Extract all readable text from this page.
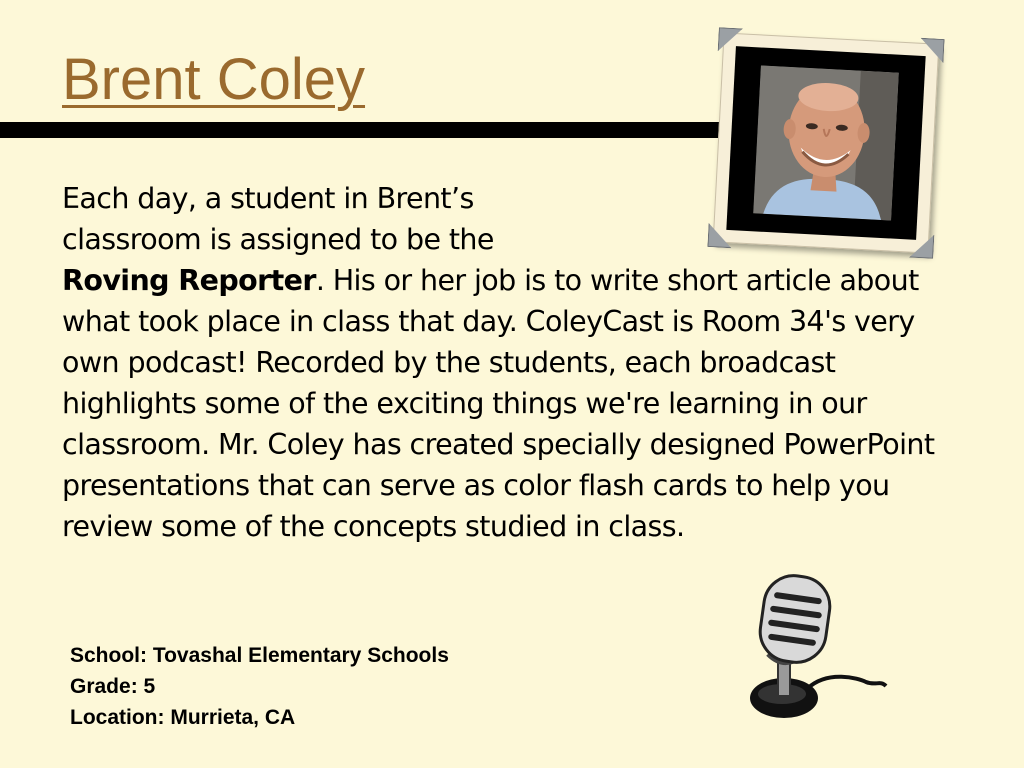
Brent Coley
Each day, a student in Brent’s
classroom is assigned to be the
Roving Reporter. His or her job is to write short article about what took place in class that day. ColeyCast is Room 34's very own podcast! Recorded by the students, each broadcast highlights some of the exciting things we're learning in our classroom. Mr. Coley has created specially designed PowerPoint presentations that can serve as color flash cards to help you review some of the concepts studied in class.
School: Tovashal Elementary Schools
Grade: 5
Location: Murrieta, CA
